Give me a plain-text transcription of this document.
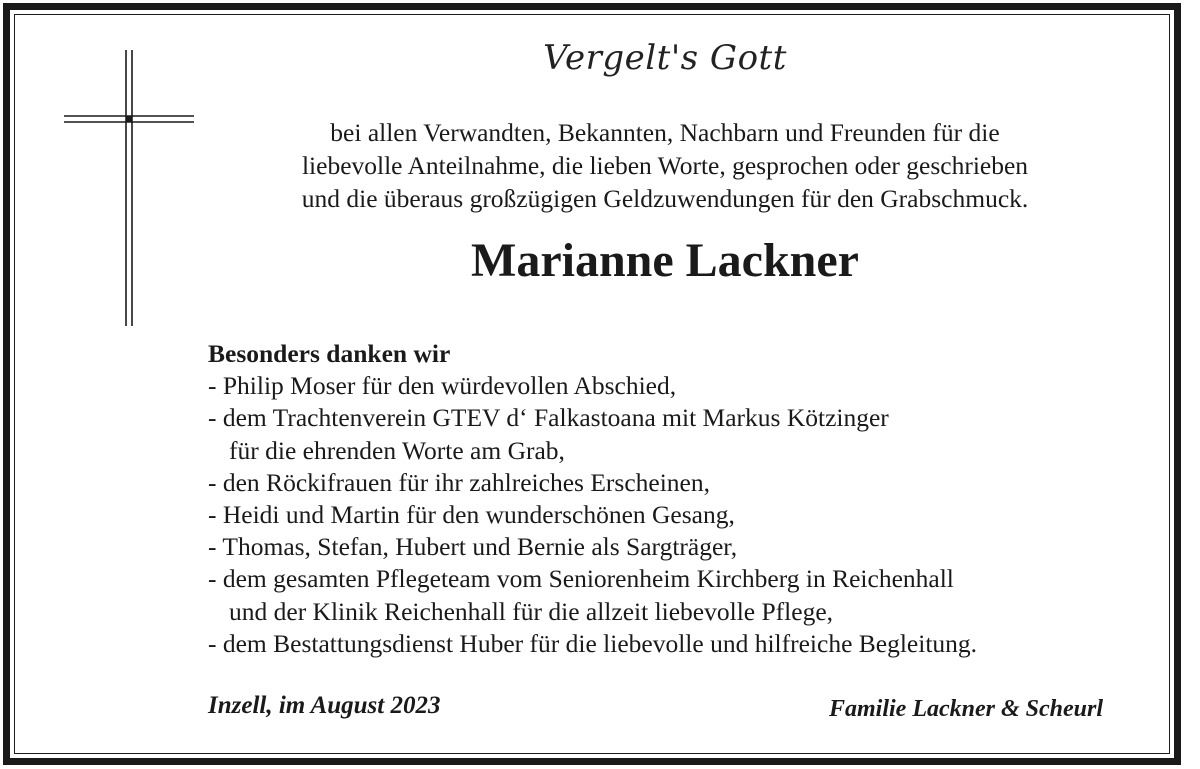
Vergelt's Gott
bei allen Verwandten, Bekannten, Nachbarn und Freunden für die
liebevolle Anteilnahme, die lieben Worte, gesprochen oder geschrieben
und die überaus großzügigen Geldzuwendungen für den Grabschmuck.
Marianne Lackner
Besonders danken wir
- Philip Moser für den würdevollen Abschied,
- dem Trachtenverein GTEV d‘ Falkastoana mit Markus Kötzinger
für die ehrenden Worte am Grab,
- den Röckifrauen für ihr zahlreiches Erscheinen,
- Heidi und Martin für den wunderschönen Gesang,
- Thomas, Stefan, Hubert und Bernie als Sargträger,
- dem gesamten Pflegeteam vom Seniorenheim Kirchberg in Reichenhall
und der Klinik Reichenhall für die allzeit liebevolle Pflege,
- dem Bestattungsdienst Huber für die liebevolle und hilfreiche Begleitung.
Inzell, im August 2023	Familie Lackner & Scheurl
